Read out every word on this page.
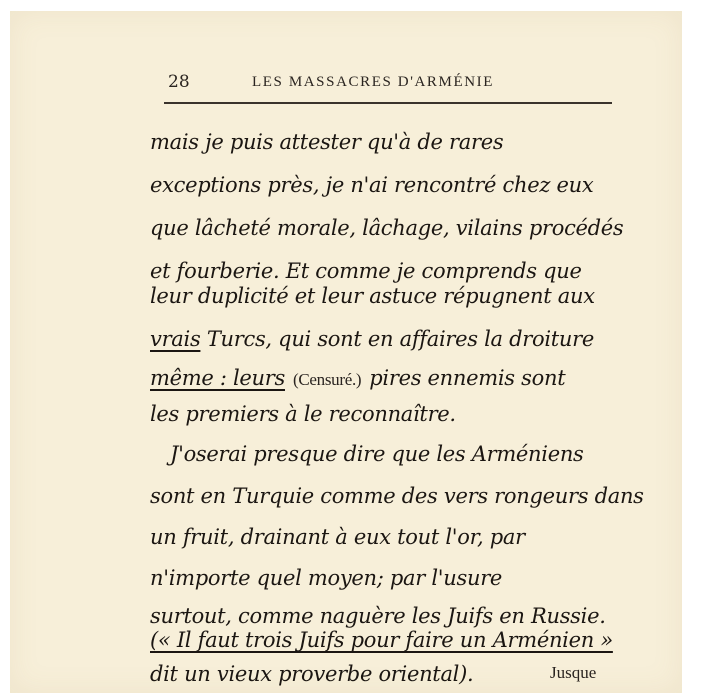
28	LES MASSACRES D'ARMÉNIE
mais je puis attester qu'à de rares
exceptions près, je n'ai rencontré chez eux
que lâcheté morale, lâchage, vilains procédés
et fourberie. Et comme je comprends que
leur duplicité et leur astuce répugnent aux
vrais Turcs, qui sont en affaires la droiture
même : leurs (Censuré.) pires ennemis sont
les premiers à le reconnaître.
J'oserai presque dire que les Arméniens
sont en Turquie comme des vers rongeurs dans
un fruit, drainant à eux tout l'or, par
n'importe quel moyen; par l'usure
surtout, comme naguère les Juifs en Russie.
(« Il faut trois Juifs pour faire un Arménien »
dit un vieux proverbe oriental).	Jusque
